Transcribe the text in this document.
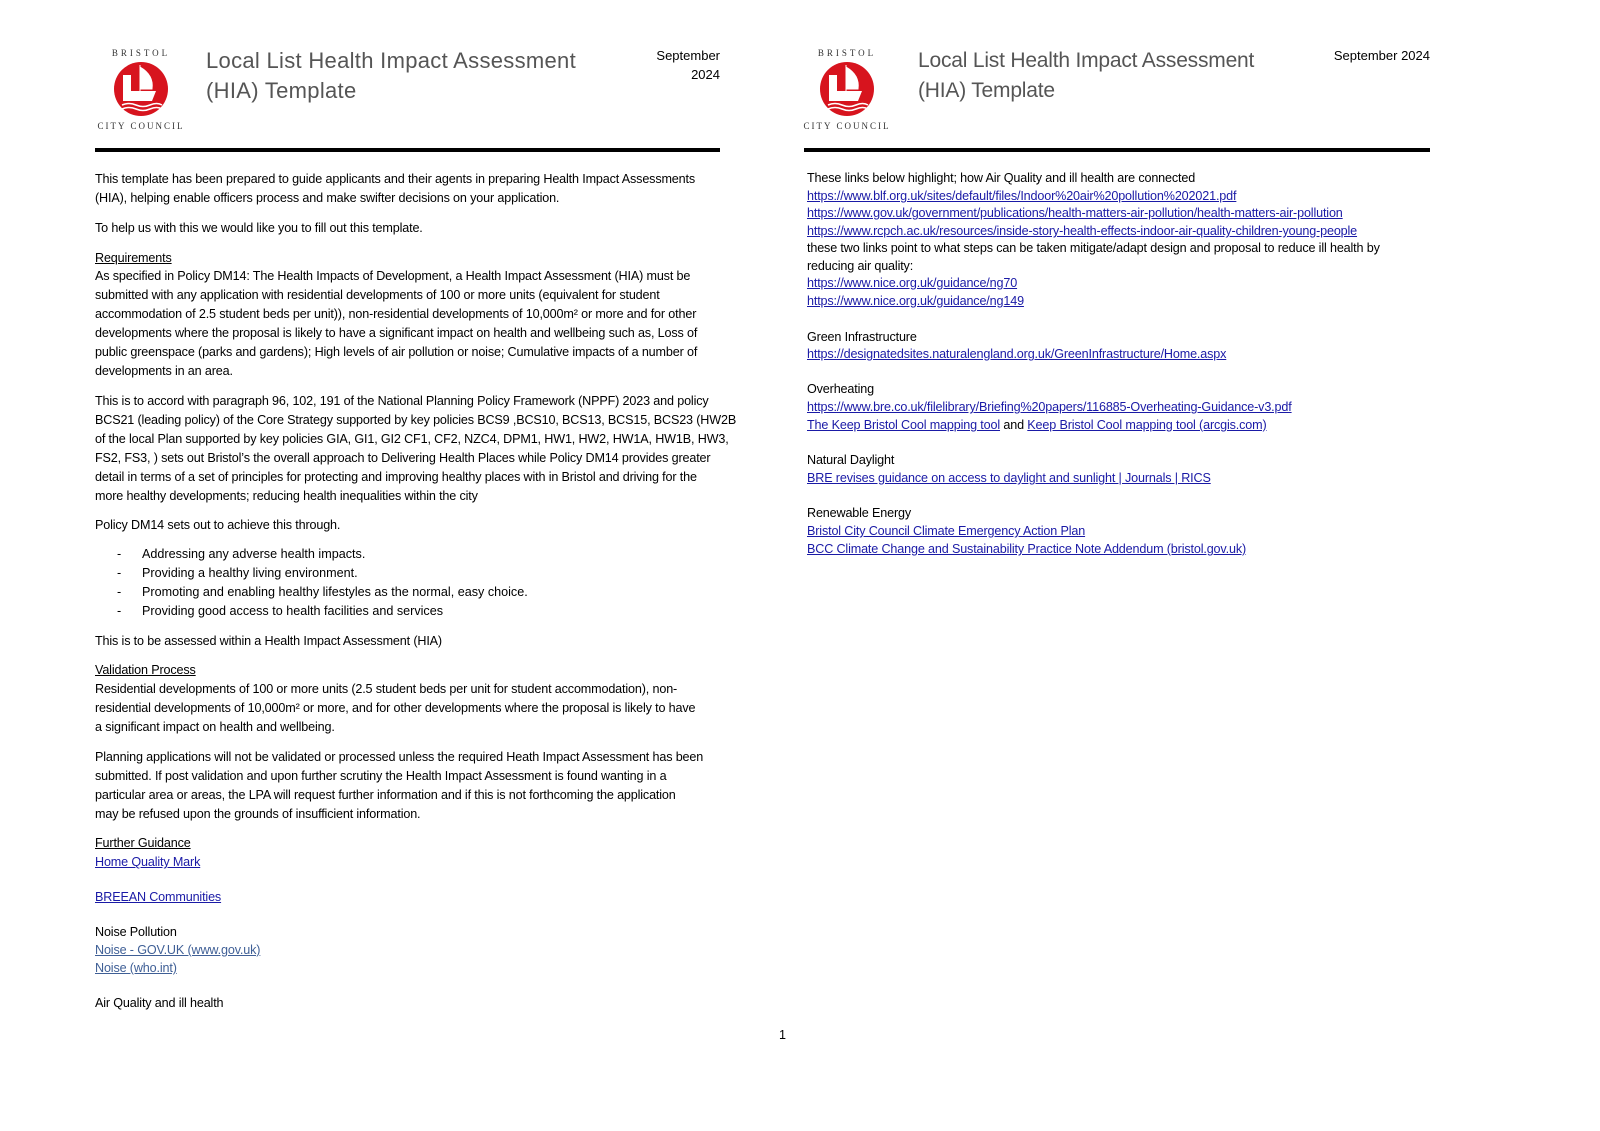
BRISTOL
CITY COUNCIL
Local List Health Impact Assessment
(HIA) Template
September
2024
BRISTOL
CITY COUNCIL
Local List Health Impact Assessment
(HIA) Template
September 2024
This template has been prepared to guide applicants and their agents in preparing Health Impact Assessments
(HIA), helping enable officers process and make swifter decisions on your application.
To help us with this we would like you to fill out this template.
Requirements
As specified in Policy DM14: The Health Impacts of Development, a Health Impact Assessment (HIA) must be
submitted with any application with residential developments of 100 or more units (equivalent for student
accommodation of 2.5 student beds per unit)), non-residential developments of 10,000m² or more and for other
developments where the proposal is likely to have a significant impact on health and wellbeing such as, Loss of
public greenspace (parks and gardens); High levels of air pollution or noise; Cumulative impacts of a number of
developments in an area.
This is to accord with paragraph 96, 102, 191 of the National Planning Policy Framework (NPPF) 2023 and policy
BCS21 (leading policy) of the Core Strategy supported by key policies BCS9 ,BCS10, BCS13, BCS15, BCS23 (HW2B
of the local Plan supported by key policies GIA, GI1, GI2 CF1, CF2, NZC4, DPM1, HW1, HW2, HW1A, HW1B, HW3,
FS2, FS3, ) sets out Bristol’s the overall approach to Delivering Health Places while Policy DM14 provides greater
detail in terms of a set of principles for protecting and improving healthy places with in Bristol and driving for the
more healthy developments; reducing health inequalities within the city
Policy DM14 sets out to achieve this through.
- Addressing any adverse health impacts.
- Providing a healthy living environment.
- Promoting and enabling healthy lifestyles as the normal, easy choice.
- Providing good access to health facilities and services
This is to be assessed within a Health Impact Assessment (HIA)
Validation Process
Residential developments of 100 or more units (2.5 student beds per unit for student accommodation), non-
residential developments of 10,000m² or more, and for other developments where the proposal is likely to have
a significant impact on health and wellbeing.
Planning applications will not be validated or processed unless the required Heath Impact Assessment has been
submitted. If post validation and upon further scrutiny the Health Impact Assessment is found wanting in a
particular area or areas, the LPA will request further information and if this is not forthcoming the application
may be refused upon the grounds of insufficient information.
Further Guidance
Home Quality Mark
BREEAN Communities
Noise Pollution
Noise - GOV.UK (www.gov.uk)
Noise (who.int)
Air Quality and ill health
These links below highlight; how Air Quality and ill health are connected
https://www.blf.org.uk/sites/default/files/Indoor%20air%20pollution%202021.pdf
https://www.gov.uk/government/publications/health-matters-air-pollution/health-matters-air-pollution
https://www.rcpch.ac.uk/resources/inside-story-health-effects-indoor-air-quality-children-young-people
these two links point to what steps can be taken mitigate/adapt design and proposal to reduce ill health by
reducing air quality:
https://www.nice.org.uk/guidance/ng70
https://www.nice.org.uk/guidance/ng149
Green Infrastructure
https://designatedsites.naturalengland.org.uk/GreenInfrastructure/Home.aspx
Overheating
https://www.bre.co.uk/filelibrary/Briefing%20papers/116885-Overheating-Guidance-v3.pdf
The Keep Bristol Cool mapping tool and Keep Bristol Cool mapping tool (arcgis.com)
Natural Daylight
BRE revises guidance on access to daylight and sunlight | Journals | RICS
Renewable Energy
Bristol City Council Climate Emergency Action Plan
BCC Climate Change and Sustainability Practice Note Addendum (bristol.gov.uk)
1
